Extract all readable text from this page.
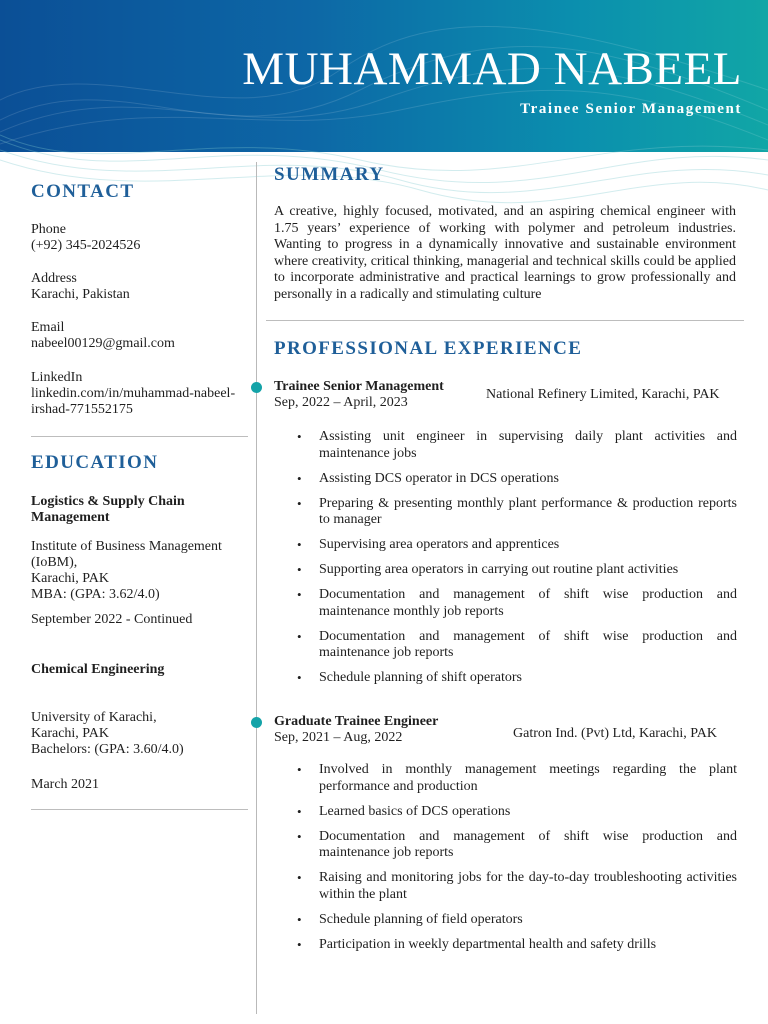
MUHAMMAD NABEEL
Trainee Senior Management
CONTACT
Phone
(+92) 345-2024526
Address
Karachi, Pakistan
Email
nabeel00129@gmail.com
LinkedIn
linkedin.com/in/muhammad-nabeel-
irshad-771552175
EDUCATION
Logistics & Supply Chain
Management
Institute of Business Management
(IoBM),
Karachi, PAK
MBA: (GPA: 3.62/4.0)
September 2022 - Continued
Chemical Engineering
University of Karachi,
Karachi, PAK
Bachelors: (GPA: 3.60/4.0)
March 2021
SUMMARY
A creative, highly focused, motivated, and an aspiring chemical engineer with 1.75 years’ experience of working with polymer and petroleum industries. Wanting to progress in a dynamically innovative and sustainable environment where creativity, critical thinking, managerial and technical skills could be applied to incorporate administrative and practical learnings to grow professionally and personally in a radically and stimulating culture
PROFESSIONAL EXPERIENCE
Trainee Senior Management
Sep, 2022 – April, 2023
National Refinery Limited, Karachi, PAK
• Assisting unit engineer in supervising daily plant activities and maintenance jobs
• Assisting DCS operator in DCS operations
• Preparing & presenting monthly plant performance & production reports to manager
• Supervising area operators and apprentices
• Supporting area operators in carrying out routine plant activities
• Documentation and management of shift wise production and maintenance monthly job reports
• Documentation and management of shift wise production and maintenance job reports
• Schedule planning of shift operators
Graduate Trainee Engineer
Sep, 2021 – Aug, 2022	Gatron Ind. (Pvt) Ltd, Karachi, PAK
• Involved in monthly management meetings regarding the plant performance and production
• Learned basics of DCS operations
• Documentation and management of shift wise production and maintenance job reports
• Raising and monitoring jobs for the day-to-day troubleshooting activities within the plant
• Schedule planning of field operators
• Participation in weekly departmental health and safety drills
